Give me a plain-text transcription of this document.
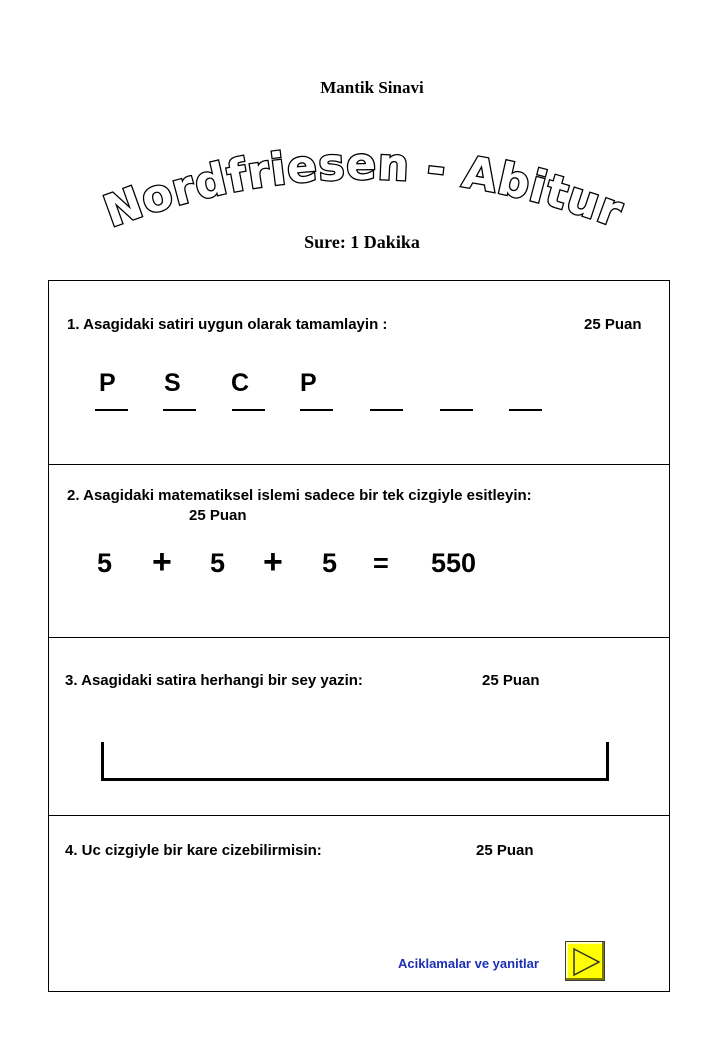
Mantik Sinavi
Nordfriesen - Abitur
Sure: 1 Dakika
1. Asagidaki satiri uygun olarak tamamlayin :	25 Puan
P S C P
2. Asagidaki matematiksel islemi sadece bir tek cizgiyle esitleyin:
25 Puan
5 + 5 + 5 = 550
3. Asagidaki satira herhangi bir sey yazin:	25 Puan
4. Uc cizgiyle bir kare cizebilirmisin:	25 Puan
Aciklamalar ve yanitlar
